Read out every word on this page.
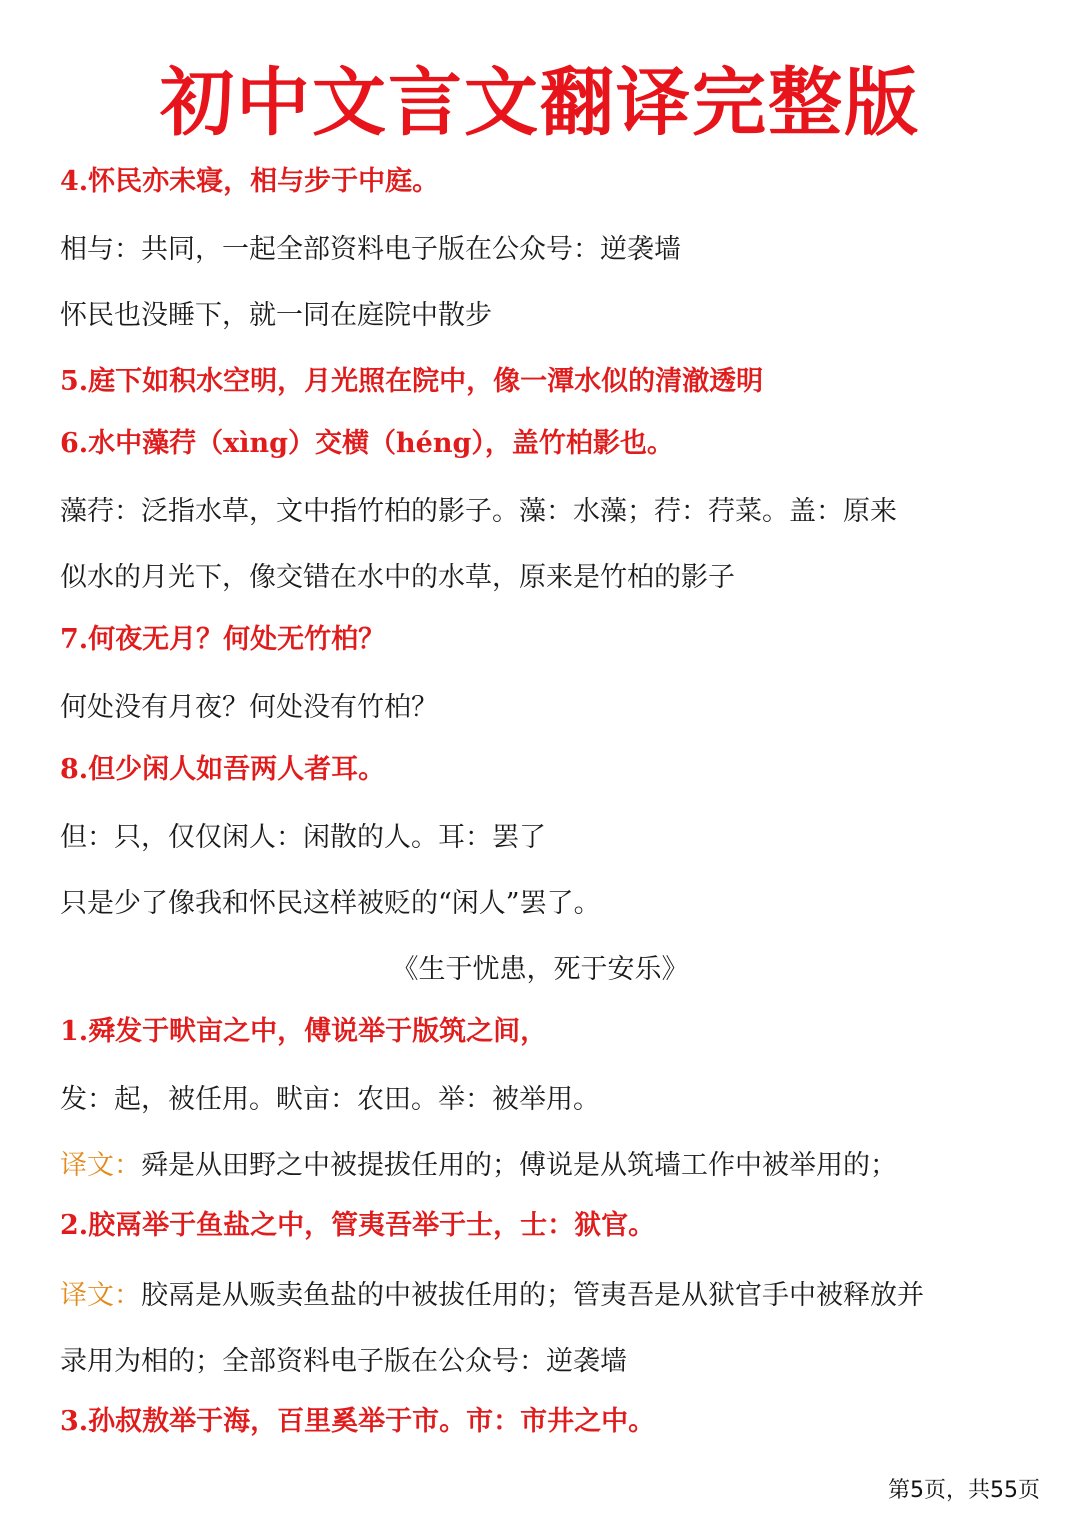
初中文言文翻译完整版
4.怀民亦未寝，相与步于中庭。
相与：共同，一起全部资料电子版在公众号：逆袭墙
怀民也没睡下，就一同在庭院中散步
5.庭下如积水空明，月光照在院中，像一潭水似的清澈透明
6.水中藻荇（xìng）交横（héng），盖竹柏影也。
藻荇：泛指水草，文中指竹柏的影子。藻：水藻；荇：荇菜。盖：原来
似水的月光下，像交错在水中的水草，原来是竹柏的影子
7.何夜无月？何处无竹柏？
何处没有月夜？何处没有竹柏？
8.但少闲人如吾两人者耳。
但：只，仅仅闲人：闲散的人。耳：罢了
只是少了像我和怀民这样被贬的“闲人”罢了。
《生于忧患，死于安乐》
1.舜发于畎亩之中，傅说举于版筑之间，
发：起，被任用。畎亩：农田。举：被举用。
译文：舜是从田野之中被提拔任用的；傅说是从筑墙工作中被举用的；
2.胶鬲举于鱼盐之中，管夷吾举于士，士：狱官。
译文：胶鬲是从贩卖鱼盐的中被拔任用的；管夷吾是从狱官手中被释放并
录用为相的；全部资料电子版在公众号：逆袭墙
3.孙叔敖举于海，百里奚举于市。市：市井之中。
第5页，共55页
